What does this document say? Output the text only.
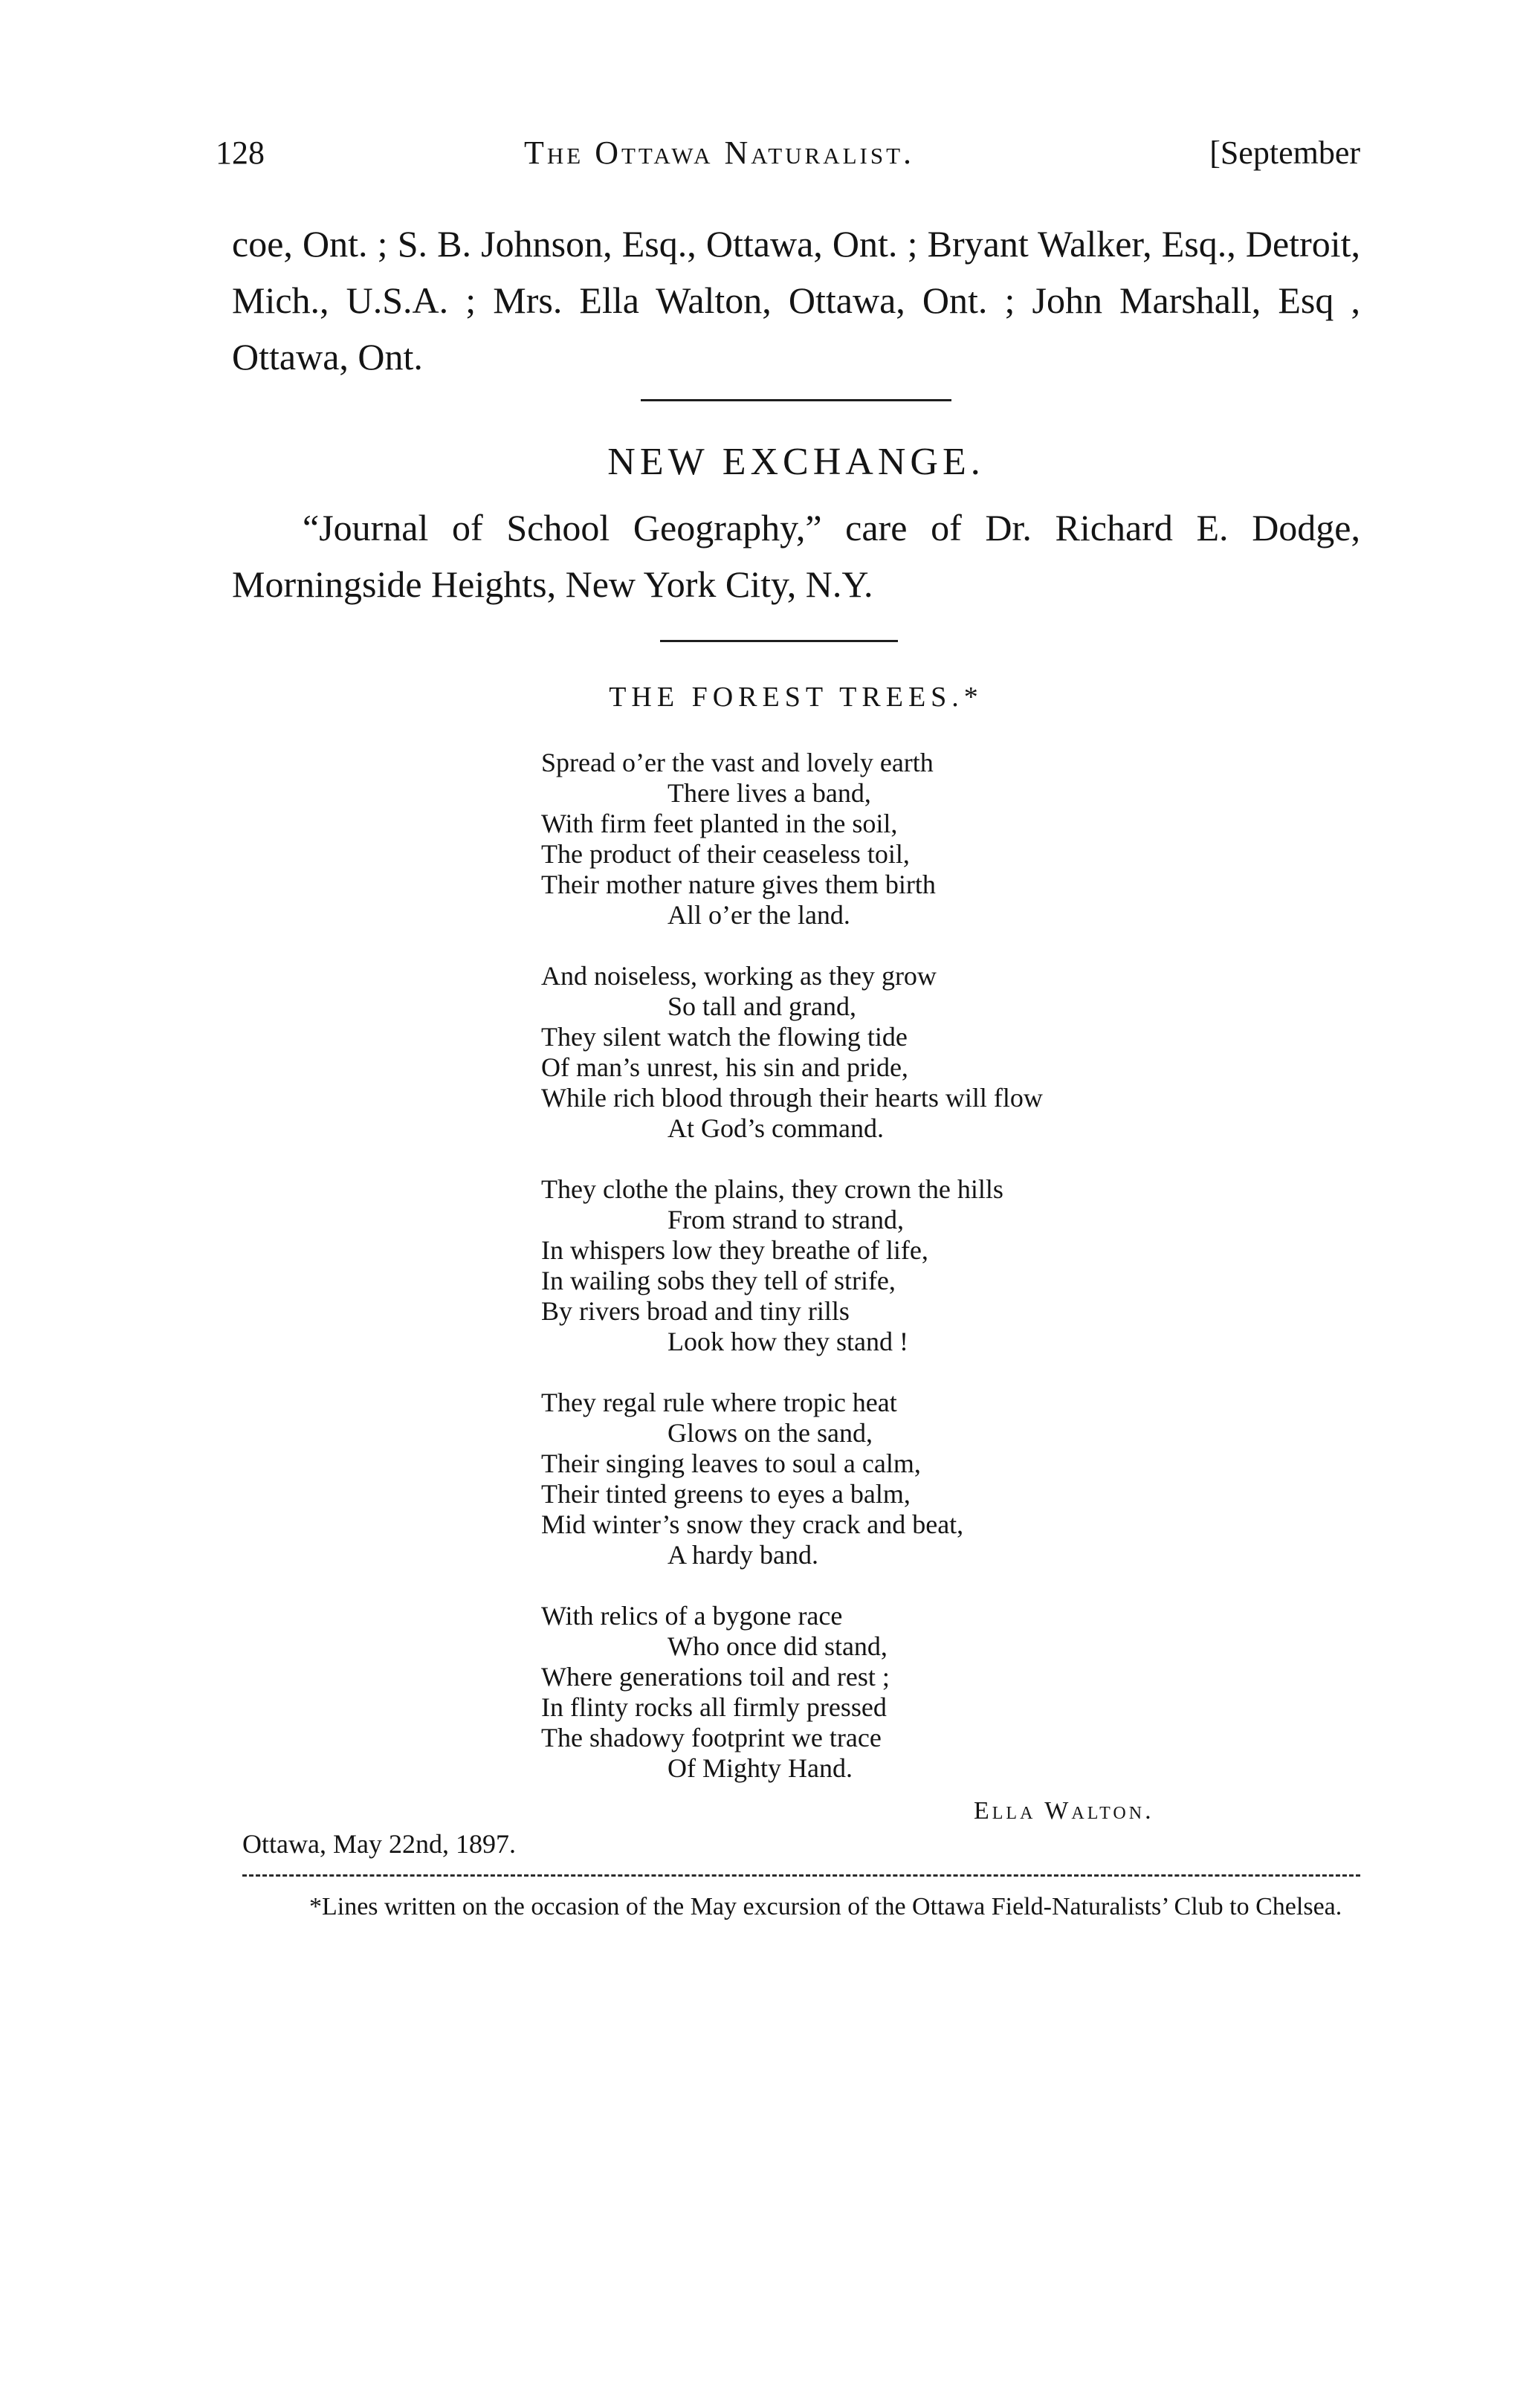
128	The Ottawa Naturalist.	[September

coe, Ont. ; S. B. Johnson, Esq., Ottawa, Ont. ; Bryant Walker, Esq., Detroit, Mich., U.S.A. ; Mrs. Ella Walton, Ottawa, Ont. ; John Marshall, Esq , Ottawa, Ont.

NEW EXCHANGE.

“Journal of School Geography,” care of Dr. Richard E. Dodge, Morningside Heights, New York City, N.Y.

THE FOREST TREES.*
Spread o’er the vast and lovely earth
There lives a band,
With firm feet planted in the soil,
The product of their ceaseless toil,
Their mother nature gives them birth
All o’er the land.
And noiseless, working as they grow
So tall and grand,
They silent watch the flowing tide
Of man’s unrest, his sin and pride,
While rich blood through their hearts will flow
At God’s command.
They clothe the plains, they crown the hills
From strand to strand,
In whispers low they breathe of life,
In wailing sobs they tell of strife,
By rivers broad and tiny rills
Look how they stand !
They regal rule where tropic heat
Glows on the sand,
Their singing leaves to soul a calm,
Their tinted greens to eyes a balm,
Mid winter’s snow they crack and beat,
A hardy band.
With relics of a bygone race
Who once did stand,
Where generations toil and rest ;
In flinty rocks all firmly pressed
The shadowy footprint we trace
Of Mighty Hand.
Ella Walton.
Ottawa, May 22nd, 1897.

*Lines written on the occasion of the May excursion of the Ottawa Field-Naturalists’ Club to Chelsea.
